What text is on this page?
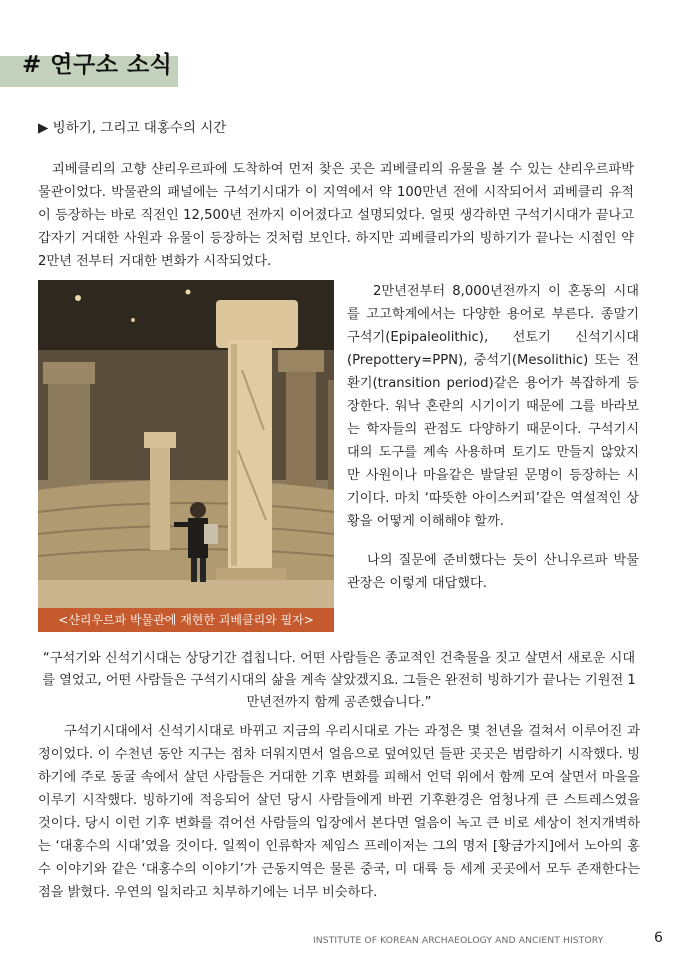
# 연구소 소식
▶ 빙하기, 그리고 대홍수의 시간

괴베클리의 고향 샨리우르파에 도착하여 먼저 찾은 곳은 괴베클리의 유물을 볼 수 있는 샨리우르파박물관이었다. 박물관의 패널에는 구석기시대가 이 지역에서 약 100만년 전에 시작되어서 괴베클리 유적이 등장하는 바로 직전인 12,500년 전까지 이어졌다고 설명되었다. 얼핏 생각하면 구석기시대가 끝나고 갑자기 거대한 사원과 유물이 등장하는 것처럼 보인다. 하지만 괴베클리가의 빙하기가 끝나는 시점인 약 2만년 전부터 거대한 변화가 시작되었다.

<샨리우르파 박물관에 재현한 괴베클리와 필자>

2만년전부터 8,000년전까지 이 혼동의 시대를 고고학계에서는 다양한 용어로 부른다. 종말기 구석기(Epipaleolithic), 선토기 신석기시대(Prepottery=PPN), 중석기(Mesolithic) 또는 전환기(transition period)같은 용어가 복잡하게 등장한다. 워낙 혼란의 시기이기 때문에 그를 바라보는 학자들의 관점도 다양하기 때문이다. 구석기시대의 도구를 계속 사용하며 토기도 만들지 않았지만 사원이나 마을같은 발달된 문명이 등장하는 시기이다. 마치 ‘따뜻한 아이스커피’같은 역설적인 상황을 어떻게 이해해야 할까.

나의 질문에 준비했다는 듯이 산니우르파 박물관장은 이렇게 대답했다.

“구석기와 신석기시대는 상당기간 겹칩니다. 어떤 사람들은 종교적인 건축물을 짓고 살면서 새로운 시대를 열었고, 어떤 사람들은 구석기시대의 삶을 계속 살았겠지요. 그들은 완전히 빙하기가 끝나는 기원전 1만년전까지 함께 공존했습니다.”

구석기시대에서 신석기시대로 바뀌고 지금의 우리시대로 가는 과정은 몇 천년을 걸쳐서 이루어진 과정이었다. 이 수천년 동안 지구는 점차 더워지면서 얼음으로 덮여있던 들판 곳곳은 범람하기 시작했다. 빙하기에 주로 동굴 속에서 살던 사람들은 거대한 기후 변화를 피해서 언덕 위에서 함께 모여 살면서 마을을 이루기 시작했다. 빙하기에 적응되어 살던 당시 사람들에게 바뀐 기후환경은 엄청나게 큰 스트레스였을 것이다. 당시 이런 기후 변화를 겪어선 사람들의 입장에서 본다면 얼음이 녹고 큰 비로 세상이 천지개벽하는 ‘대홍수의 시대’였을 것이다. 일찍이 인류학자 제임스 프레이저는 그의 명저 [황금가지]에서 노아의 홍수 이야기와 같은 ‘대홍수의 이야기’가 근동지역은 물론 중국, 미 대륙 등 세계 곳곳에서 모두 존재한다는 점을 밝혔다. 우연의 일치라고 치부하기에는 너무 비슷하다.

INSTITUTE OF KOREAN ARCHAEOLOGY AND ANCIENT HISTORY	6
